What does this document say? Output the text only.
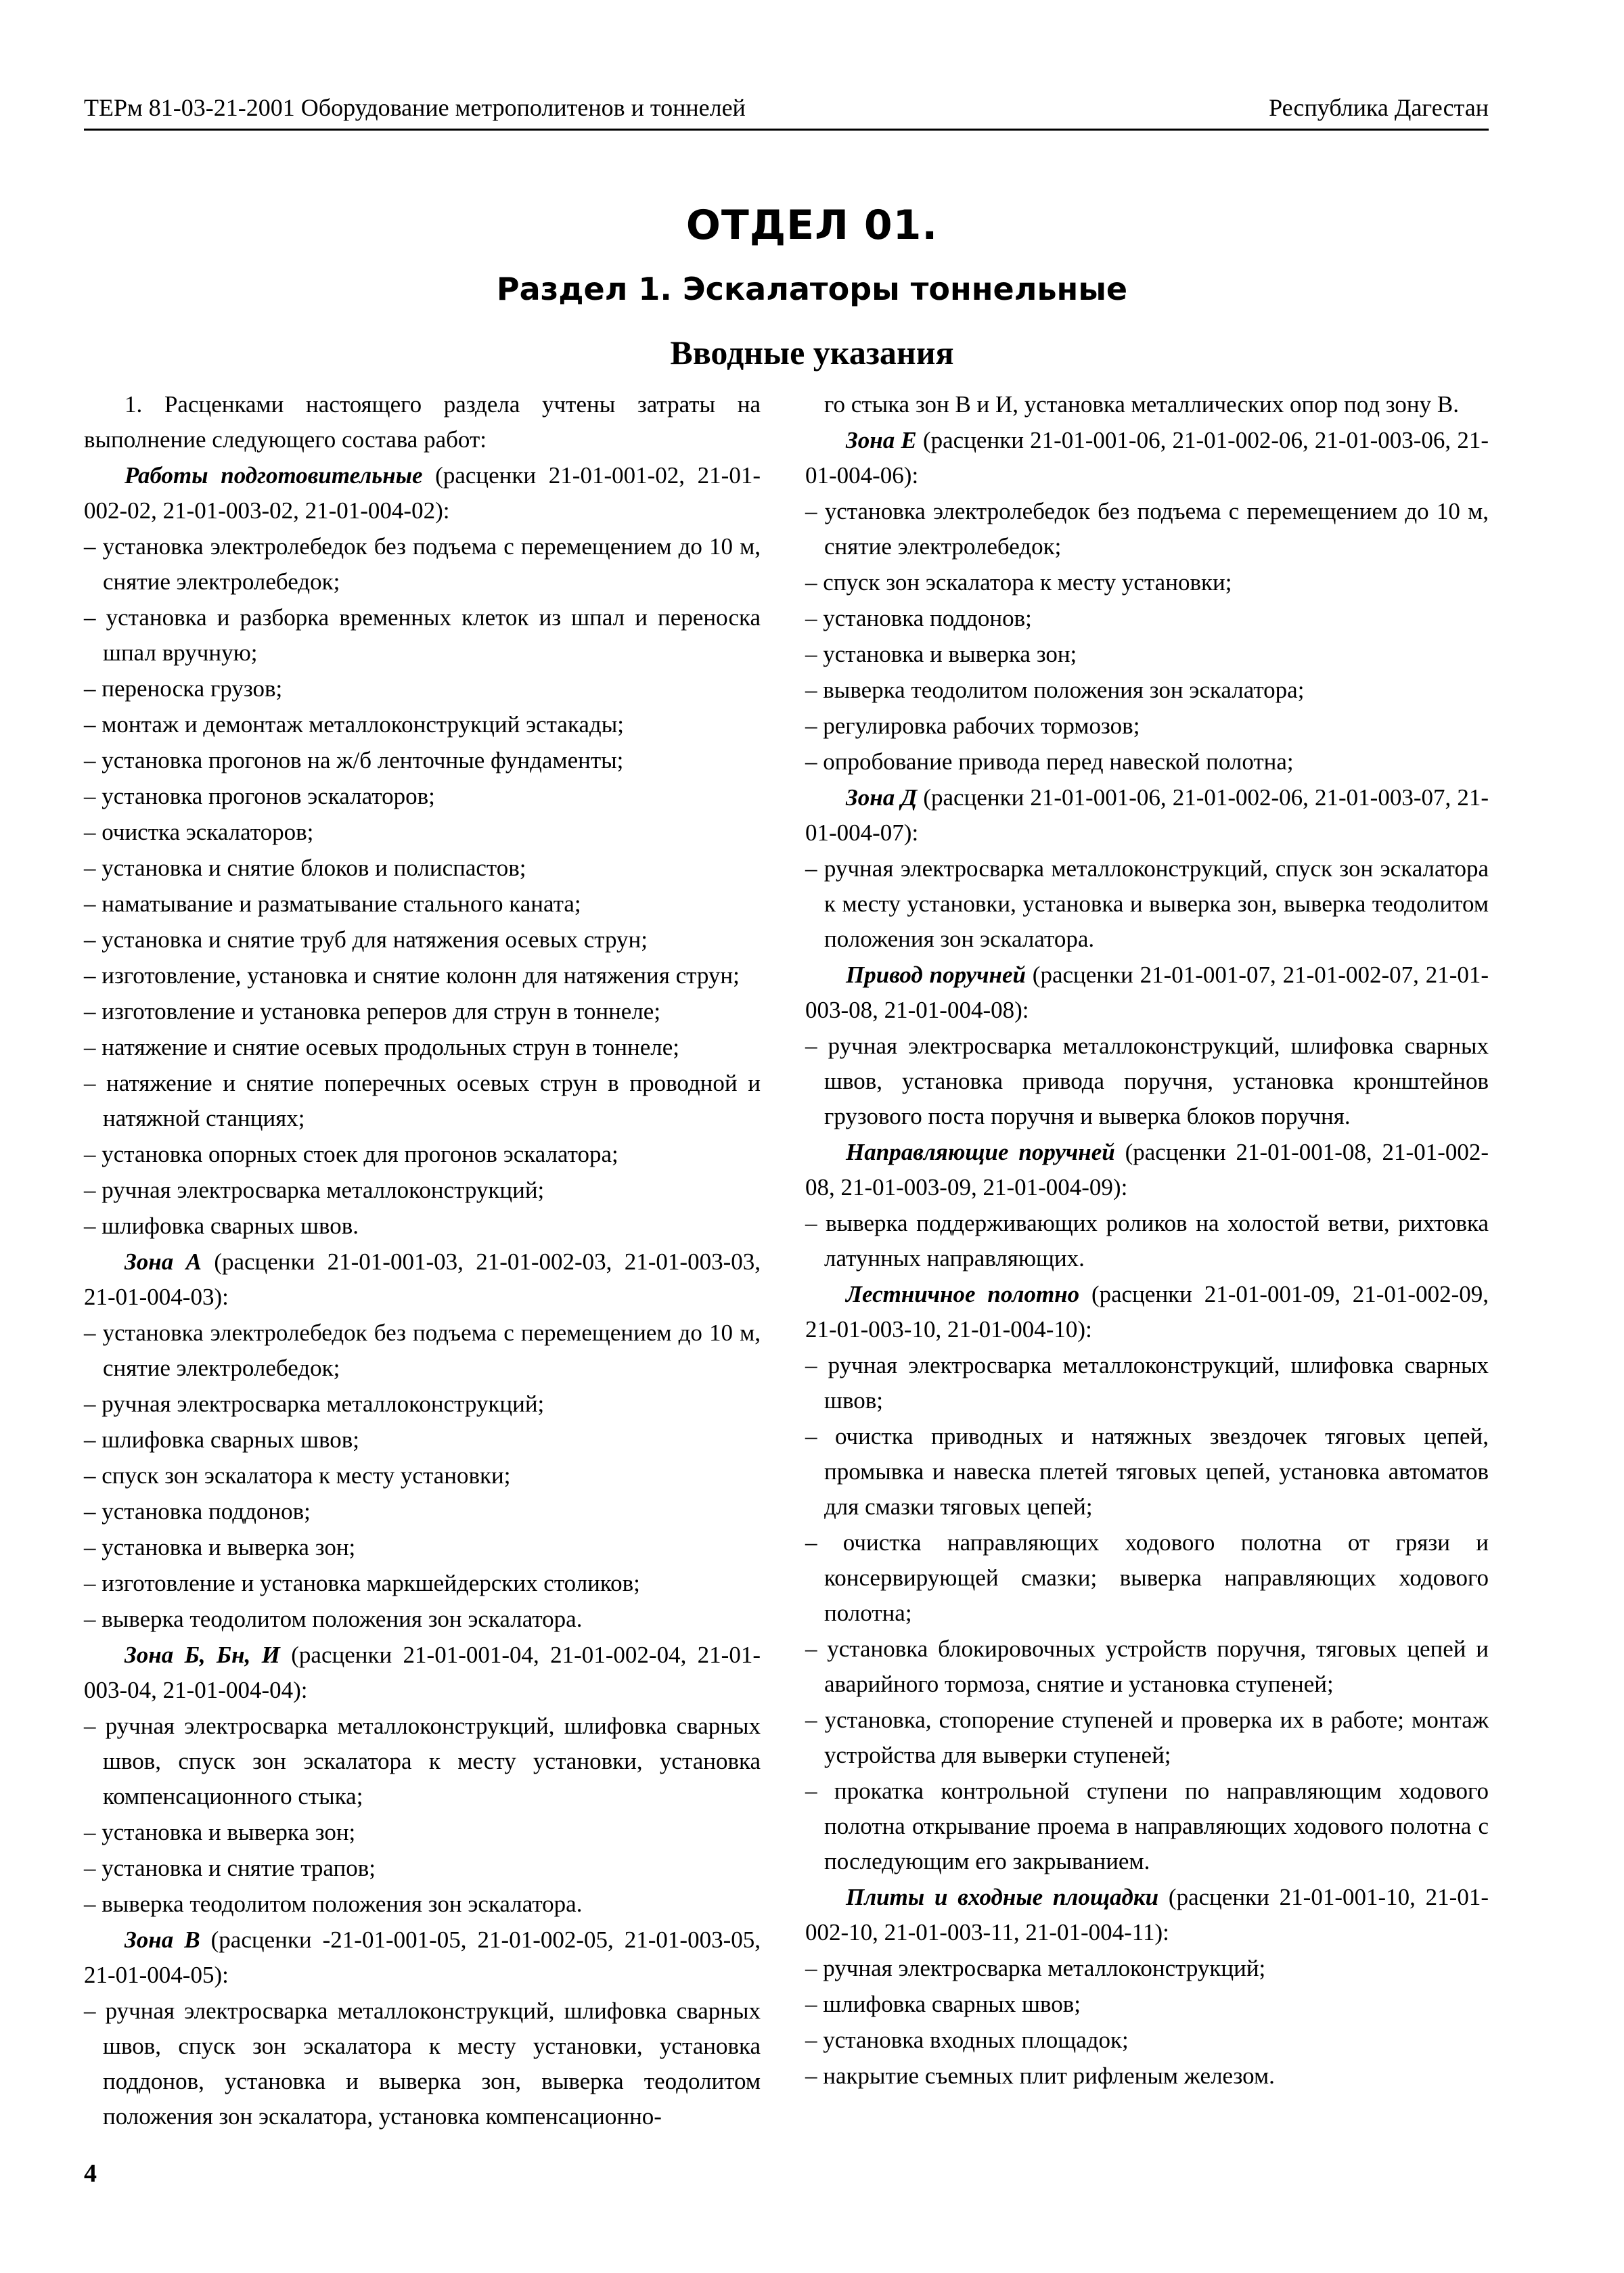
ТЕРм 81-03-21-2001 Оборудование метрополитенов и тоннелей	Республика Дагестан
ОТДЕЛ 01.
Раздел 1. Эскалаторы тоннельные
Вводные указания

1. Расценками настоящего раздела учтены затраты на выполнение следующего состава работ:

Работы подготовительные (расценки 21-01-001-02, 21-01-002-02, 21-01-003-02, 21-01-004-02):

– установка электролебедок без подъема с перемещением до 10 м, снятие электролебедок;

– установка и разборка временных клеток из шпал и переноска шпал вручную;

– переноска грузов;

– монтаж и демонтаж металлоконструкций эстакады;

– установка прогонов на ж/б ленточные фундаменты;

– установка прогонов эскалаторов;

– очистка эскалаторов;

– установка и снятие блоков и полиспастов;

– наматывание и разматывание стального каната;

– установка и снятие труб для натяжения осевых струн;

– изготовление, установка и снятие колонн для натяжения струн;

– изготовление и установка реперов для струн в тоннеле;

– натяжение и снятие осевых продольных струн в тоннеле;

– натяжение и снятие поперечных осевых струн в проводной и натяжной станциях;

– установка опорных стоек для прогонов эскалатора;

– ручная электросварка металлоконструкций;

– шлифовка сварных швов.

Зона А (расценки 21-01-001-03, 21-01-002-03, 21-01-003-03, 21-01-004-03):

– установка электролебедок без подъема с перемещением до 10 м, снятие электролебедок;

– ручная электросварка металлоконструкций;

– шлифовка сварных швов;

– спуск зон эскалатора к месту установки;

– установка поддонов;

– установка и выверка зон;

– изготовление и установка маркшейдерских столиков;

– выверка теодолитом положения зон эскалатора.

Зона Б, Бн, И (расценки 21-01-001-04, 21-01-002-04, 21-01-003-04, 21-01-004-04):

– ручная электросварка металлоконструкций, шлифовка сварных швов, спуск зон эскалатора к месту установки, установка компенсационного стыка;

– установка и выверка зон;

– установка и снятие трапов;

– выверка теодолитом положения зон эскалатора.

Зона В (расценки -21-01-001-05, 21-01-002-05, 21-01-003-05, 21-01-004-05):

– ручная электросварка металлоконструкций, шлифовка сварных швов, спуск зон эскалатора к месту установки, установка поддонов, установка и выверка зон, выверка теодолитом положения зон эскалатора, установка компенсационно-

го стыка зон В и И, установка металлических опор под зону В.

Зона Е (расценки 21-01-001-06, 21-01-002-06, 21-01-003-06, 21-01-004-06):

– установка электролебедок без подъема с перемещением до 10 м, снятие электролебедок;

– спуск зон эскалатора к месту установки;

– установка поддонов;

– установка и выверка зон;

– выверка теодолитом положения зон эскалатора;

– регулировка рабочих тормозов;

– опробование привода перед навеской полотна;

Зона Д (расценки 21-01-001-06, 21-01-002-06, 21-01-003-07, 21-01-004-07):

– ручная электросварка металлоконструкций, спуск зон эскалатора к месту установки, установка и выверка зон, выверка теодолитом положения зон эскалатора.

Привод поручней (расценки 21-01-001-07, 21-01-002-07, 21-01-003-08, 21-01-004-08):

– ручная электросварка металлоконструкций, шлифовка сварных швов, установка привода поручня, установка кронштейнов грузового поста поручня и выверка блоков поручня.

Направляющие поручней (расценки 21-01-001-08, 21-01-002-08, 21-01-003-09, 21-01-004-09):

– выверка поддерживающих роликов на холостой ветви, рихтовка латунных направляющих.

Лестничное полотно (расценки 21-01-001-09, 21-01-002-09, 21-01-003-10, 21-01-004-10):

– ручная электросварка металлоконструкций, шлифовка сварных швов;

– очистка приводных и натяжных звездочек тяговых цепей, промывка и навеска плетей тяговых цепей, установка автоматов для смазки тяговых цепей;

– очистка направляющих ходового полотна от грязи и консервирующей смазки; выверка направляющих ходового полотна;

– установка блокировочных устройств поручня, тяговых цепей и аварийного тормоза, снятие и установка ступеней;

– установка, стопорение ступеней и проверка их в работе; монтаж устройства для выверки ступеней;

– прокатка контрольной ступени по направляющим ходового полотна открывание проема в направляющих ходового полотна с последующим его закрыванием.

Плиты и входные площадки (расценки 21-01-001-10, 21-01-002-10, 21-01-003-11, 21-01-004-11):

– ручная электросварка металлоконструкций;

– шлифовка сварных швов;

– установка входных площадок;

– накрытие съемных плит рифленым железом.

4
